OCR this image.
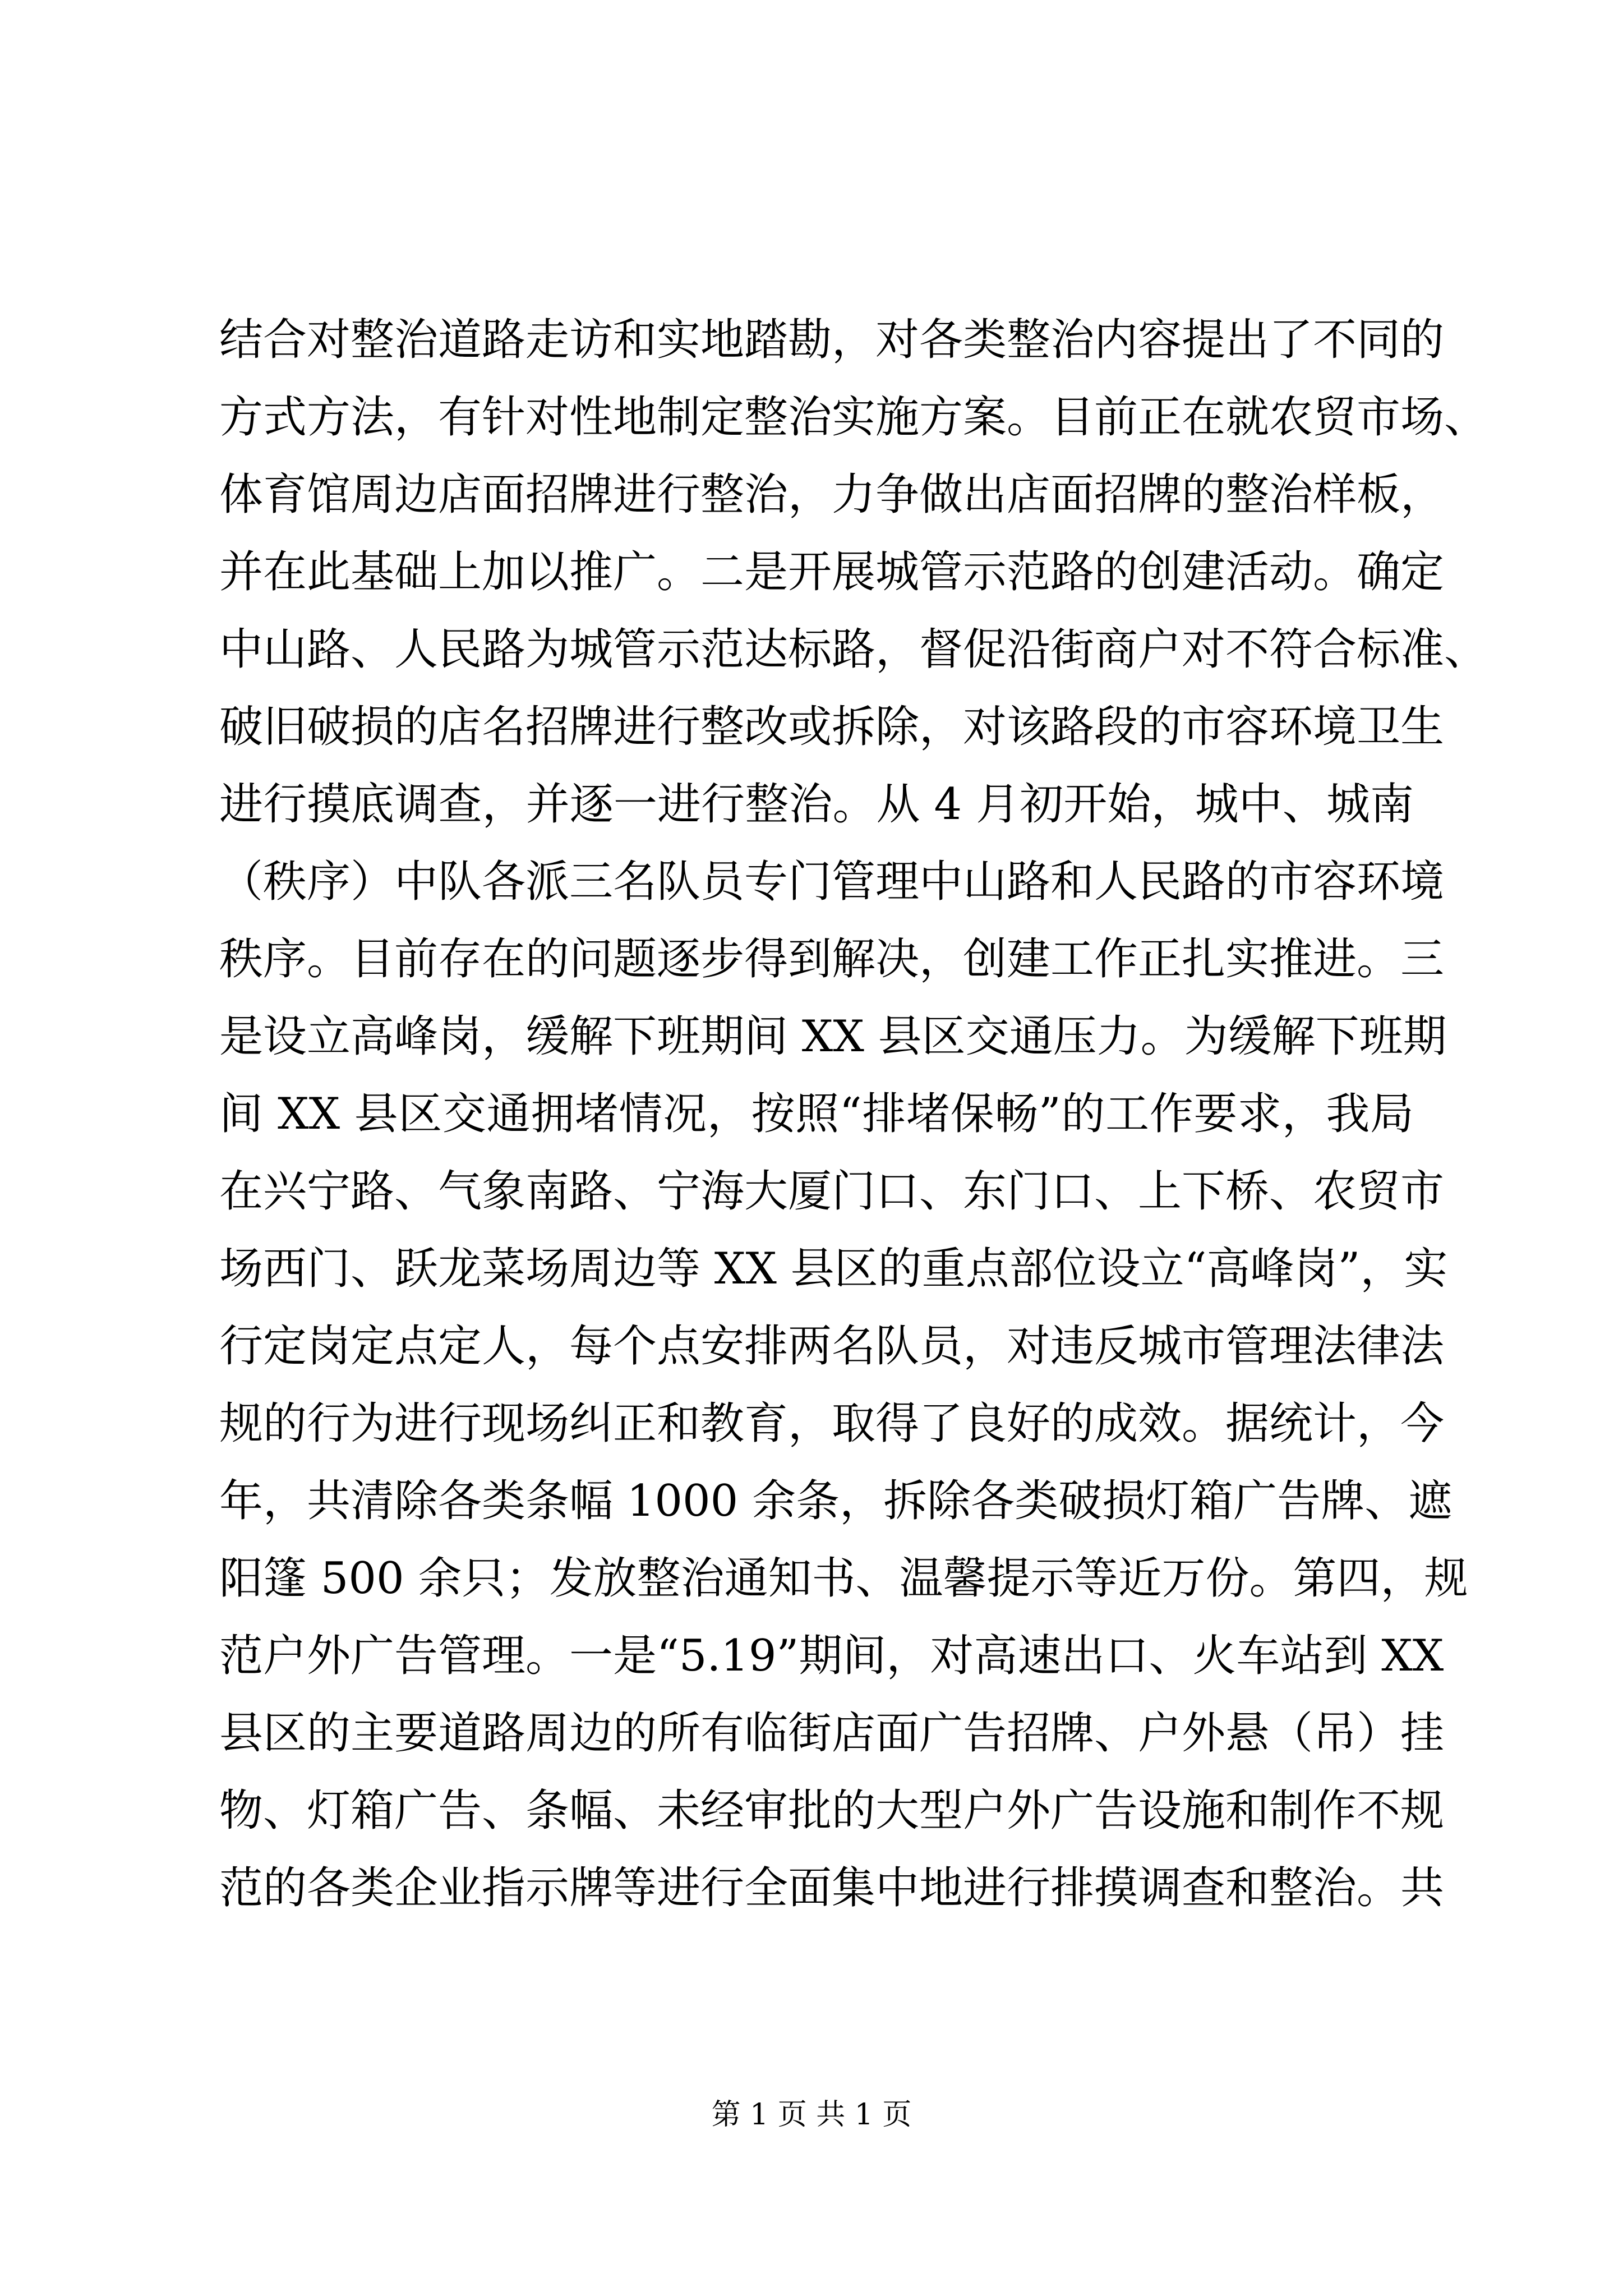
结合对整治道路走访和实地踏勘，对各类整治内容提出了不同的
方式方法，有针对性地制定整治实施方案。目前正在就农贸市场、
体育馆周边店面招牌进行整治，力争做出店面招牌的整治样板，
并在此基础上加以推广。二是开展城管示范路的创建活动。确定
中山路、人民路为城管示范达标路，督促沿街商户对不符合标准、
破旧破损的店名招牌进行整改或拆除，对该路段的市容环境卫生
进行摸底调查，并逐一进行整治。从 4 月初开始，城中、城南
（秩序）中队各派三名队员专门管理中山路和人民路的市容环境
秩序。目前存在的问题逐步得到解决，创建工作正扎实推进。三
是设立高峰岗，缓解下班期间 XX 县区交通压力。为缓解下班期
间 XX 县区交通拥堵情况，按照“排堵保畅”的工作要求，我局
在兴宁路、气象南路、宁海大厦门口、东门口、上下桥、农贸市
场西门、跃龙菜场周边等 XX 县区的重点部位设立“高峰岗”，实
行定岗定点定人，每个点安排两名队员，对违反城市管理法律法
规的行为进行现场纠正和教育，取得了良好的成效。据统计，今
年，共清除各类条幅 1000 余条，拆除各类破损灯箱广告牌、遮
阳篷 500 余只；发放整治通知书、温馨提示等近万份。第四，规
范户外广告管理。一是“5.19”期间，对高速出口、火车站到 XX
县区的主要道路周边的所有临街店面广告招牌、户外悬（吊）挂
物、灯箱广告、条幅、未经审批的大型户外广告设施和制作不规
范的各类企业指示牌等进行全面集中地进行排摸调查和整治。共
第 1 页 共 1 页
